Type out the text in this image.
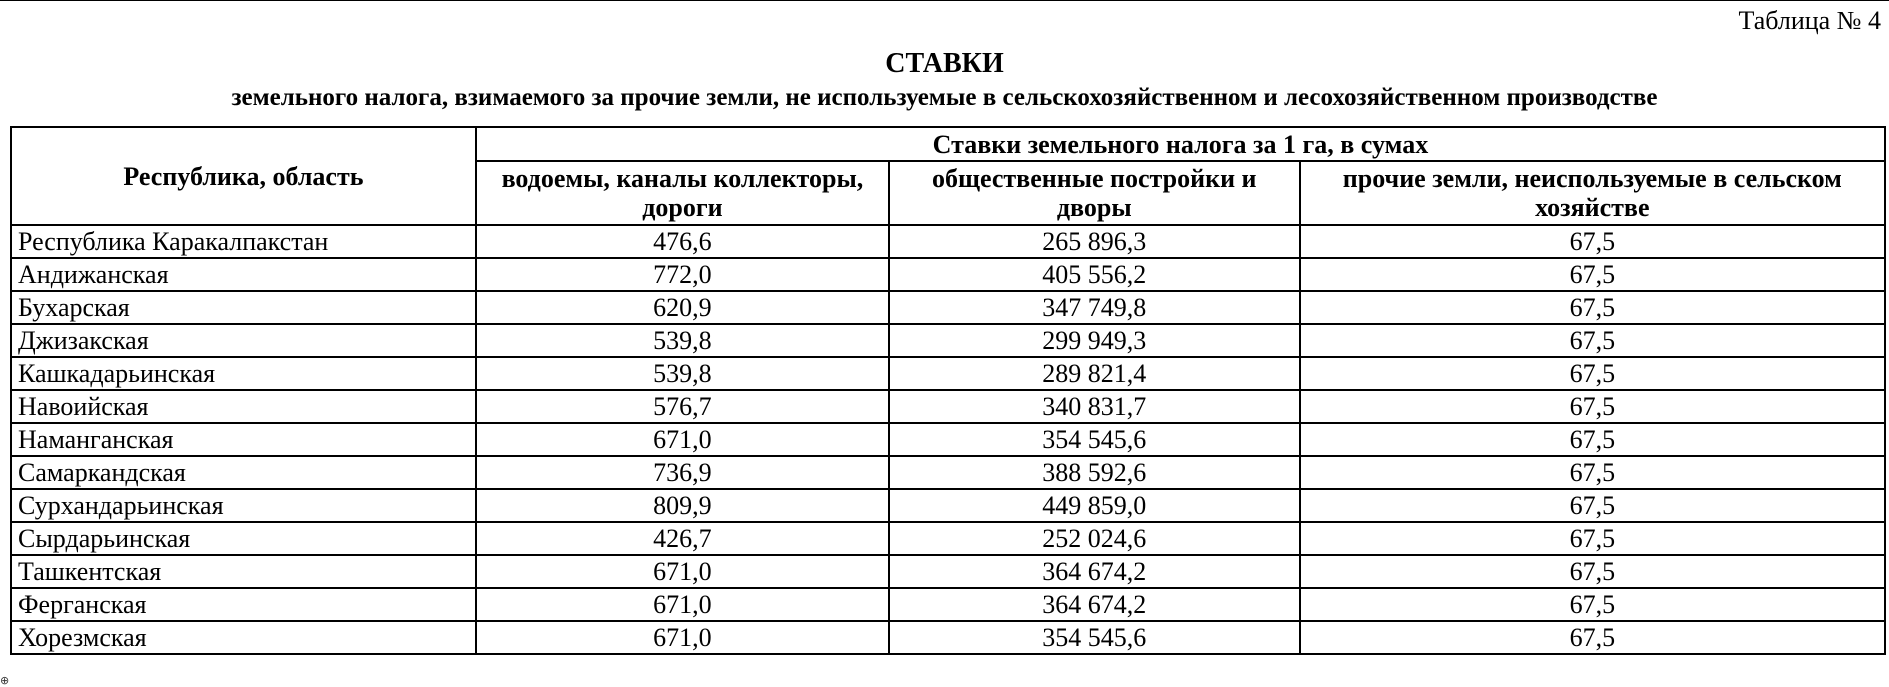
Таблица № 4
СТАВКИ
земельного налога, взимаемого за прочие земли, не используемые в сельскохозяйственном и лесохозяйственном производстве
Республика, область	Ставки земельного налога за 1 га, в сумах		
	водоемы, каналы коллекторы, дороги	общественные постройки и дворы	прочие земли, неиспользуемые в сельском хозяйстве
Республика Каракалпакстан	476,6	265 896,3	67,5
Андижанская	772,0	405 556,2	67,5
Бухарская	620,9	347 749,8	67,5
Джизакская	539,8	299 949,3	67,5
Кашкадарьинская	539,8	289 821,4	67,5
Навоийская	576,7	340 831,7	67,5
Наманганская	671,0	354 545,6	67,5
Самаркандская	736,9	388 592,6	67,5
Сурхандарьинская	809,9	449 859,0	67,5
Сырдарьинская	426,7	252 024,6	67,5
Ташкентская	671,0	364 674,2	67,5
Ферганская	671,0	364 674,2	67,5
Хорезмская	671,0	354 545,6	67,5
⊕
